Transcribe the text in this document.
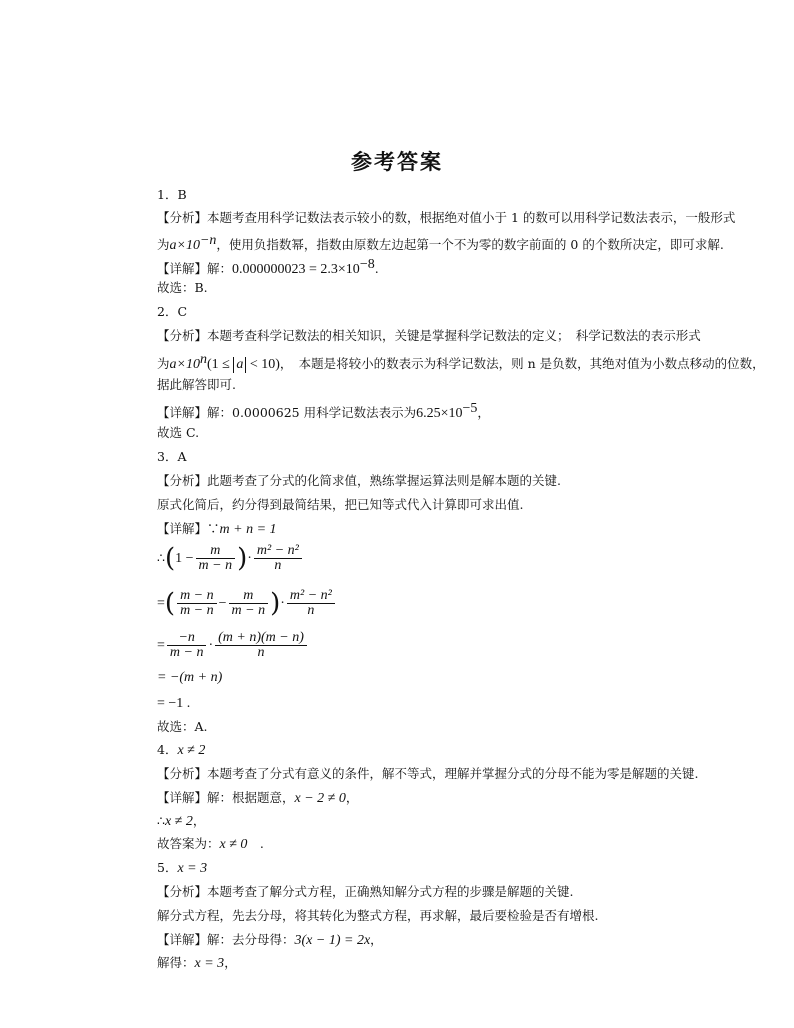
参考答案
1．B
【分析】本题考查用科学记数法表示较小的数，根据绝对值小于 1 的数可以用科学记数法表示，一般形式
为$a\times 10^{-n}$，使用负指数幂，指数由原数左边起第一个不为零的数字前面的 0 的个数所决定，即可求解.
【详解】解：$0.000000023 = 2.3\times 10^{-8}$.
故选：B.
2．C
【分析】本题考查科学记数法的相关知识，关键是掌握科学记数法的定义；　科学记数法的表示形式
为$a\times 10^n(1 \le a < 10)$，　本题是将较小的数表示为科学记数法，则 n 是负数，其绝对值为小数点移动的位数，
据此解答即可.
【详解】解：0.0000625 用科学记数法表示为$6.25\times 10^{-5}$，
故选 C.
3．A
【分析】此题考查了分式的化简求值，熟练掌握运算法则是解本题的关键.
原式化简后，约分得到最简结果，把已知等式代入计算即可求出值.
【详解】∵m + n = 1
∴(1 − $\frac{m}{m - n}$ )· $\frac{\text{m² − n²}}{n}$
=( $\frac{m - n}{m - n} - \frac{m}{m - n}$ )· $\frac{\text{m² − n²}}{n}$
= $\frac{-n}{m - n} \cdot \frac{(m + n)(m - n)}{n}$
= −(m + n)
= −1 .
故选：A.
4．x ≠ 2
【分析】本题考查了分式有意义的条件，解不等式，理解并掌握分式的分母不能为零是解题的关键.
【详解】解：根据题意，x − 2 ≠ 0，
∴x ≠ 2，
故答案为：x ≠ 0　.
5．x = 3
【分析】本题考查了解分式方程，正确熟知解分式方程的步骤是解题的关键.
解分式方程，先去分母，将其转化为整式方程，再求解，最后要检验是否有增根.
【详解】解：去分母得：3(x − 1) = 2x，
解得：x = 3，
